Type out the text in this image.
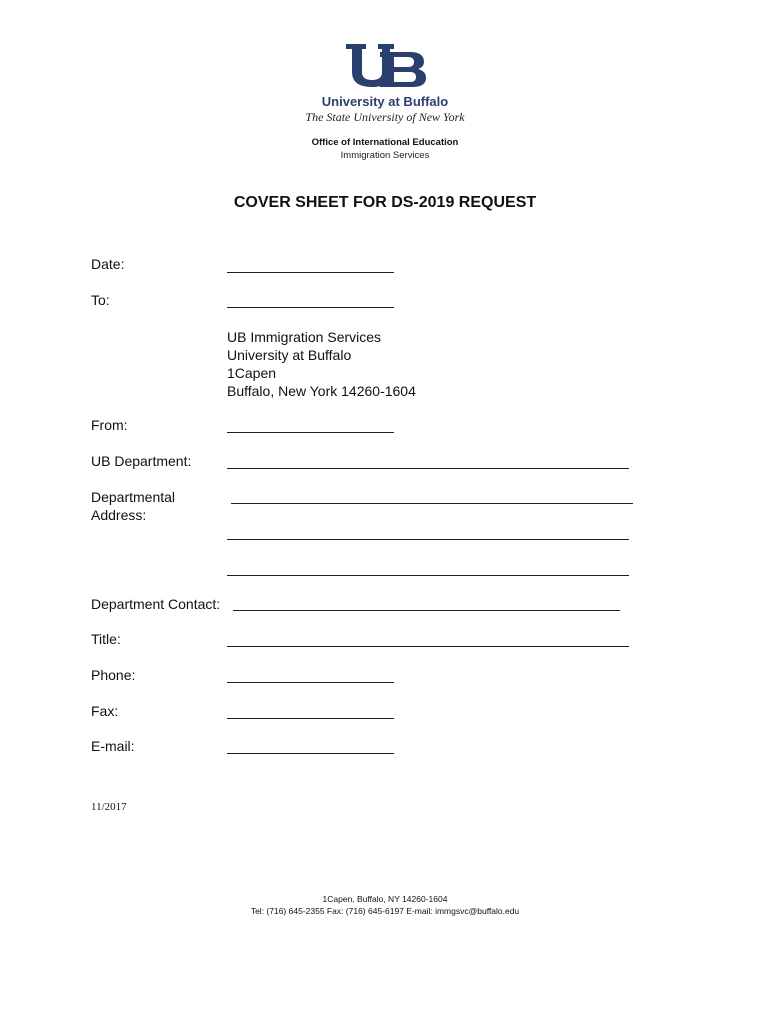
University at Buffalo
The State University of New York
Office of International Education
Immigration Services
COVER SHEET FOR DS-2019 REQUEST
Date:
To:
UB Immigration Services
University at Buffalo
1Capen
Buffalo, New York 14260-1604
From:
UB Department:
Departmental
Address:
Department Contact:
Title:
Phone:
Fax:
E-mail:
11/2017
1Capen, Buffalo, NY 14260-1604
Tel: (716) 645-2355 Fax: (716) 645-6197 E-mail: immgsvc@buffalo.edu
